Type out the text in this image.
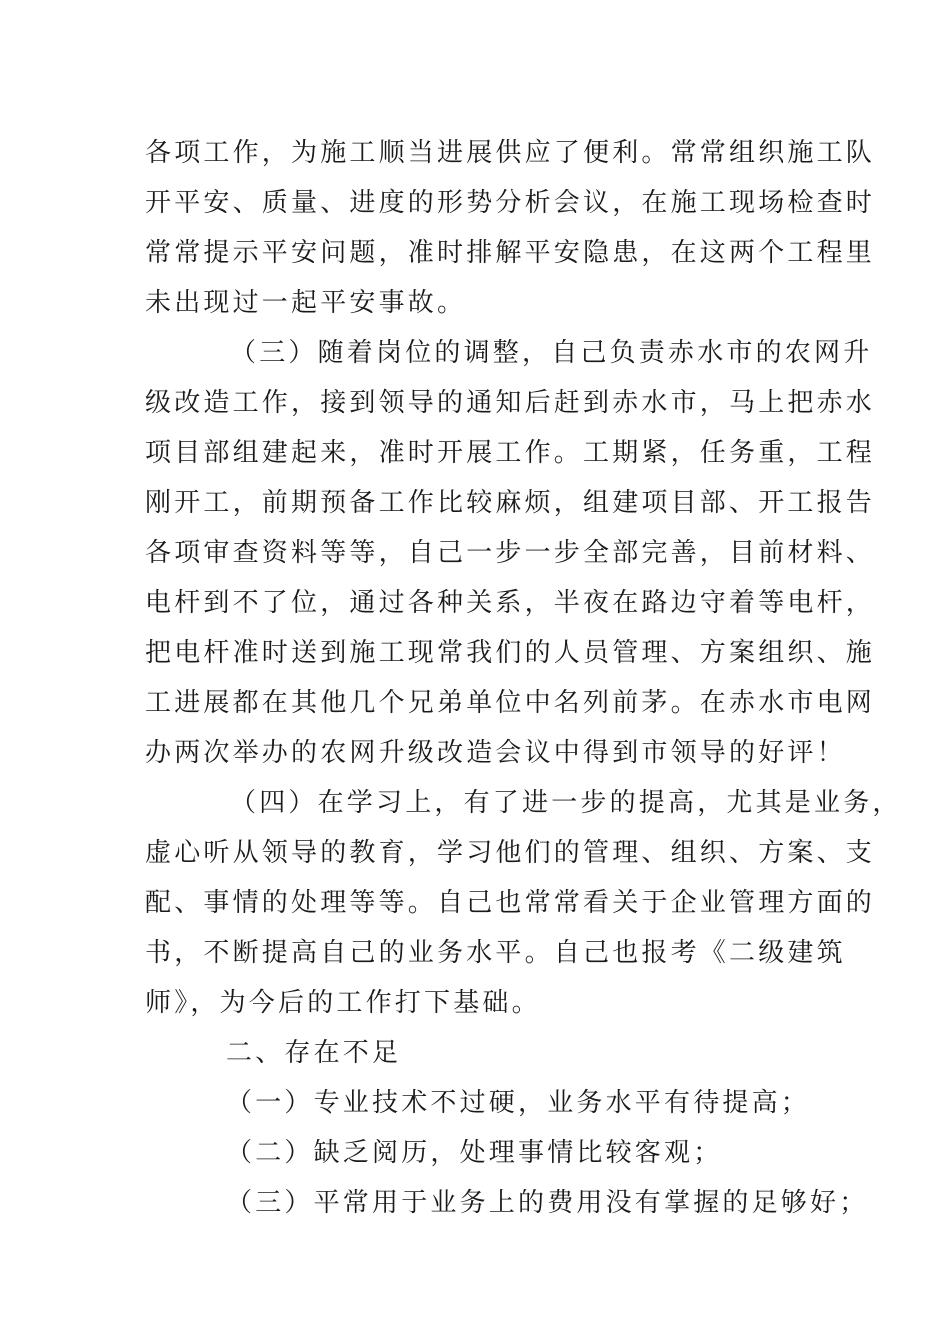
各项工作，为施工顺当进展供应了便利。常常组织施工队
开平安、质量、进度的形势分析会议，在施工现场检查时
常常提示平安问题，准时排解平安隐患，在这两个工程里
未出现过一起平安事故。
（三）随着岗位的调整，自己负责赤水市的农网升
级改造工作，接到领导的通知后赶到赤水市，马上把赤水
项目部组建起来，准时开展工作。工期紧，任务重，工程
刚开工，前期预备工作比较麻烦，组建项目部、开工报告
各项审查资料等等，自己一步一步全部完善，目前材料、
电杆到不了位，通过各种关系，半夜在路边守着等电杆，
把电杆准时送到施工现常我们的人员管理、方案组织、施
工进展都在其他几个兄弟单位中名列前茅。在赤水市电网
办两次举办的农网升级改造会议中得到市领导的好评！
（四）在学习上，有了进一步的提高，尤其是业务，
虚心听从领导的教育，学习他们的管理、组织、方案、支
配、事情的处理等等。自己也常常看关于企业管理方面的
书，不断提高自己的业务水平。自己也报考《二级建筑
师》，为今后的工作打下基础。
二、存在不足
（一）专业技术不过硬，业务水平有待提高；
（二）缺乏阅历，处理事情比较客观；
（三）平常用于业务上的费用没有掌握的足够好；
